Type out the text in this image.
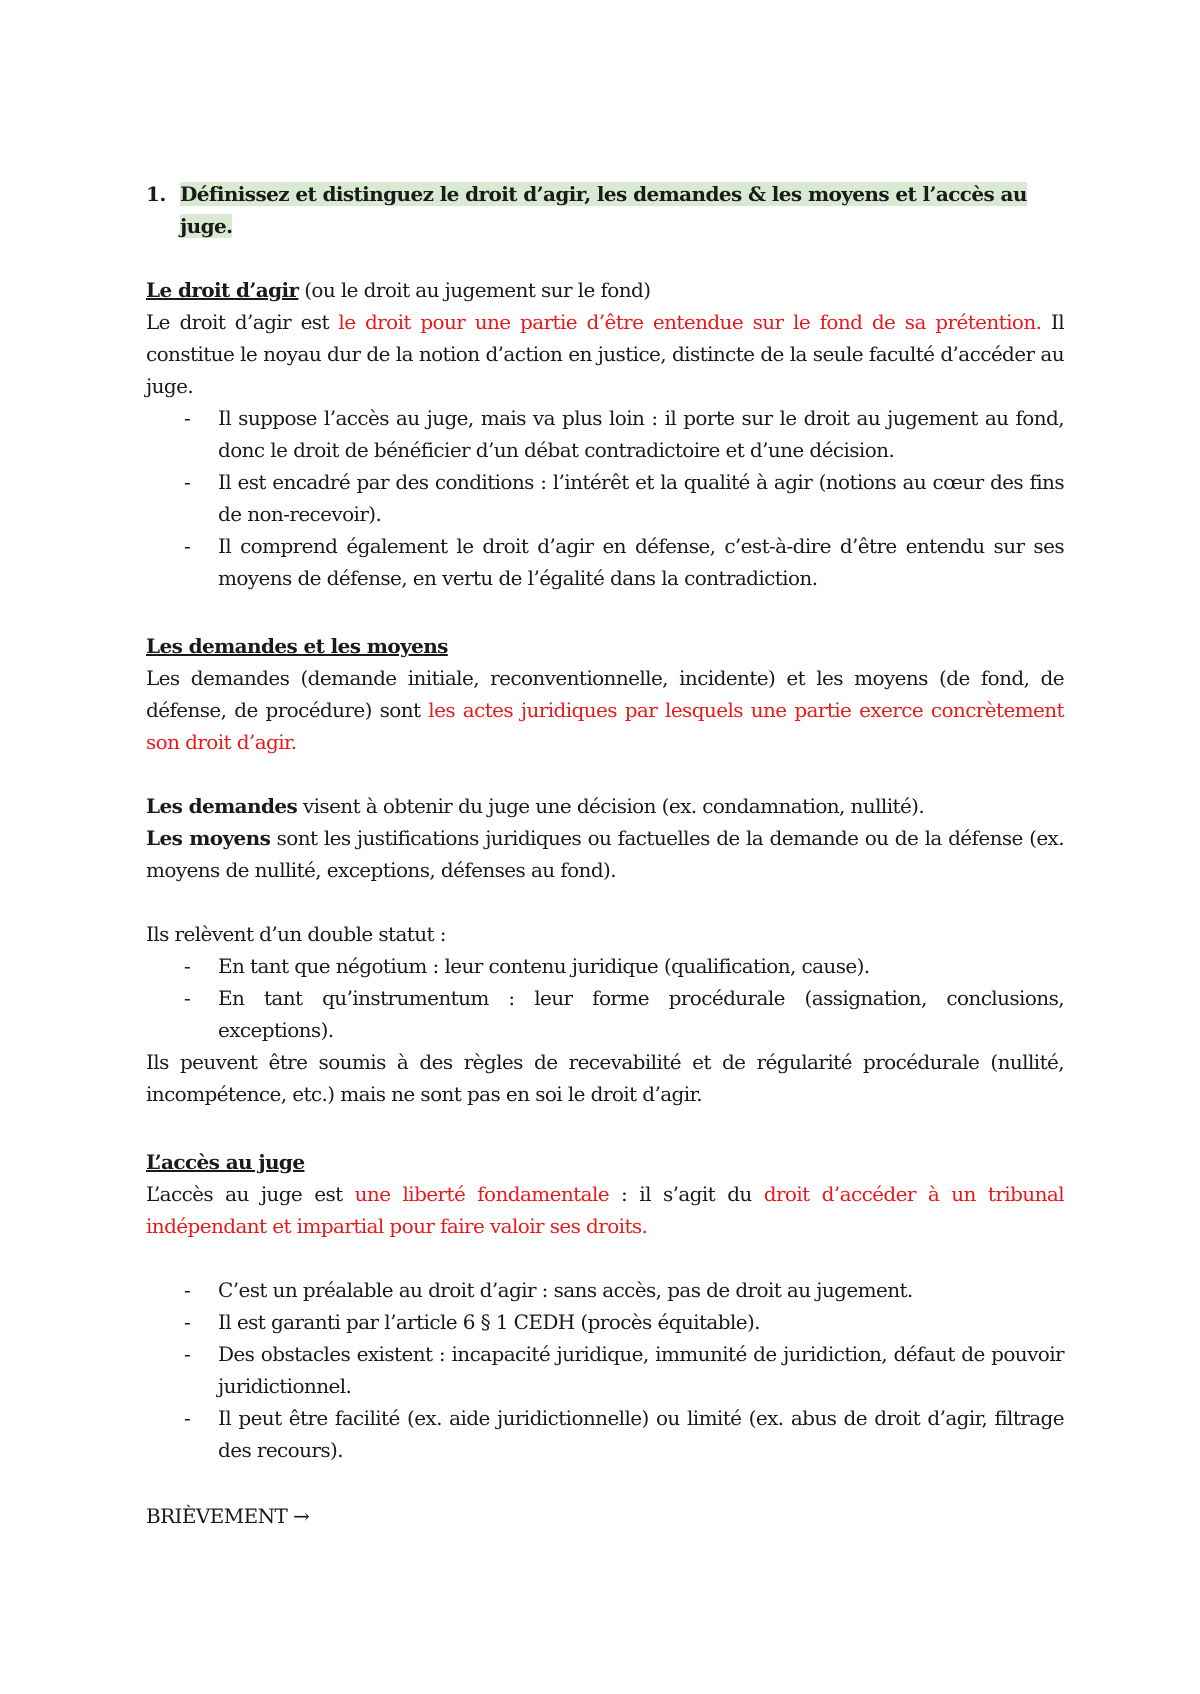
1. Définissez et distinguez le droit d’agir, les demandes & les moyens et l’accès au
juge.

Le droit d’agir (ou le droit au jugement sur le fond)

Le droit d’agir est le droit pour une partie d’être entendue sur le fond de sa prétention. Il constitue le noyau dur de la notion d’action en justice, distincte de la seule faculté d’accéder au juge.

- Il suppose l’accès au juge, mais va plus loin : il porte sur le droit au jugement au fond, donc le droit de bénéficier d’un débat contradictoire et d’une décision.
- Il est encadré par des conditions : l’intérêt et la qualité à agir (notions au cœur des fins de non-recevoir).
- Il comprend également le droit d’agir en défense, c’est-à-dire d’être entendu sur ses moyens de défense, en vertu de l’égalité dans la contradiction.

Les demandes et les moyens

Les demandes (demande initiale, reconventionnelle, incidente) et les moyens (de fond, de défense, de procédure) sont les actes juridiques par lesquels une partie exerce concrètement son droit d’agir.

Les demandes visent à obtenir du juge une décision (ex. condamnation, nullité).

Les moyens sont les justifications juridiques ou factuelles de la demande ou de la défense (ex. moyens de nullité, exceptions, défenses au fond).

Ils relèvent d’un double statut :

- En tant que négotium : leur contenu juridique (qualification, cause).
- En tant qu’instrumentum : leur forme procédurale (assignation, conclusions, exceptions).

Ils peuvent être soumis à des règles de recevabilité et de régularité procédurale (nullité, incompétence, etc.) mais ne sont pas en soi le droit d’agir.

L’accès au juge

L’accès au juge est une liberté fondamentale : il s’agit du droit d’accéder à un tribunal indépendant et impartial pour faire valoir ses droits.

- C’est un préalable au droit d’agir : sans accès, pas de droit au jugement.
- Il est garanti par l’article 6 § 1 CEDH (procès équitable).
- Des obstacles existent : incapacité juridique, immunité de juridiction, défaut de pouvoir juridictionnel.
- Il peut être facilité (ex. aide juridictionnelle) ou limité (ex. abus de droit d’agir, filtrage des recours).
BRIÈVEMENT →
